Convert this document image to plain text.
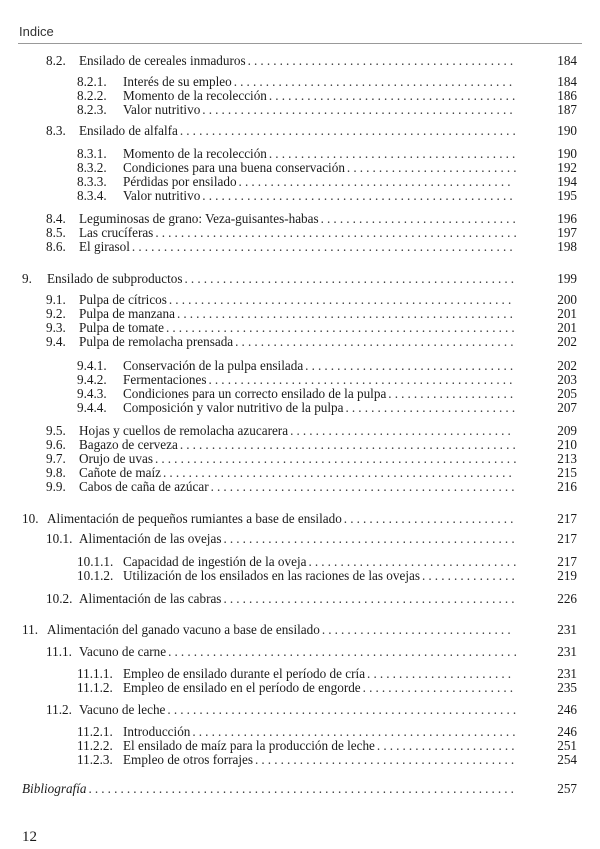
Indice
8.2.	Ensilado de cereales inmaduros ..........................................	184
8.2.1.	Interés de su empleo ............................................	184
8.2.2.	Momento de la recolección .......................................	186
8.2.3.	Valor nutritivo .................................................	187
8.3.	Ensilado de alfalfa .....................................................	190
8.3.1.	Momento de la recolección .......................................	190
8.3.2.	Condiciones para una buena conservación ...........................	192
8.3.3.	Pérdidas por ensilado ...........................................	194
8.3.4.	Valor nutritivo .................................................	195
8.4.	Leguminosas de grano: Veza-guisantes-habas ...............................	196
8.5.	Las crucíferas .........................................................	197
8.6.	El girasol ............................................................	198
9.	Ensilado de subproductos ....................................................	199
9.1.	Pulpa de cítricos ......................................................	200
9.2.	Pulpa de manzana .....................................................	201
9.3.	Pulpa de tomate .......................................................	201
9.4.	Pulpa de remolacha prensada ............................................	202
9.4.1.	Conservación de la pulpa ensilada .................................	202
9.4.2.	Fermentaciones ................................................	203
9.4.3.	Condiciones para un correcto ensilado de la pulpa ....................	205
9.4.4.	Composición y valor nutritivo de la pulpa ...........................	207
9.5.	Hojas y cuellos de remolacha azucarera ...................................	209
9.6.	Bagazo de cerveza .....................................................	210
9.7.	Orujo de uvas .........................................................	213
9.8.	Cañote de maíz .......................................................	215
9.9.	Cabos de caña de azúcar ................................................	216
10. Alimentación de pequeños rumiantes a base de ensilado ...........................	217
10.1. Alimentación de las ovejas ..............................................	217
10.1.1. Capacidad de ingestión de la oveja .................................	217
10.1.2. Utilización de los ensilados en las raciones de las ovejas ...............	219
10.2. Alimentación de las cabras ..............................................	226
11. Alimentación del ganado vacuno a base de ensilado ..............................	231
11.1. Vacuno de carne .......................................................	231
11.1.1. Empleo de ensilado durante el período de cría .......................	231
11.1.2. Empleo de ensilado en el período de engorde ........................	235
11.2. Vacuno de leche .......................................................	246
11.2.1. Introducción ...................................................	246
11.2.2. El ensilado de maíz para la producción de leche ......................	251
11.2.3. Empleo de otros forrajes .........................................	254
Bibliografía ...................................................................	257
12
